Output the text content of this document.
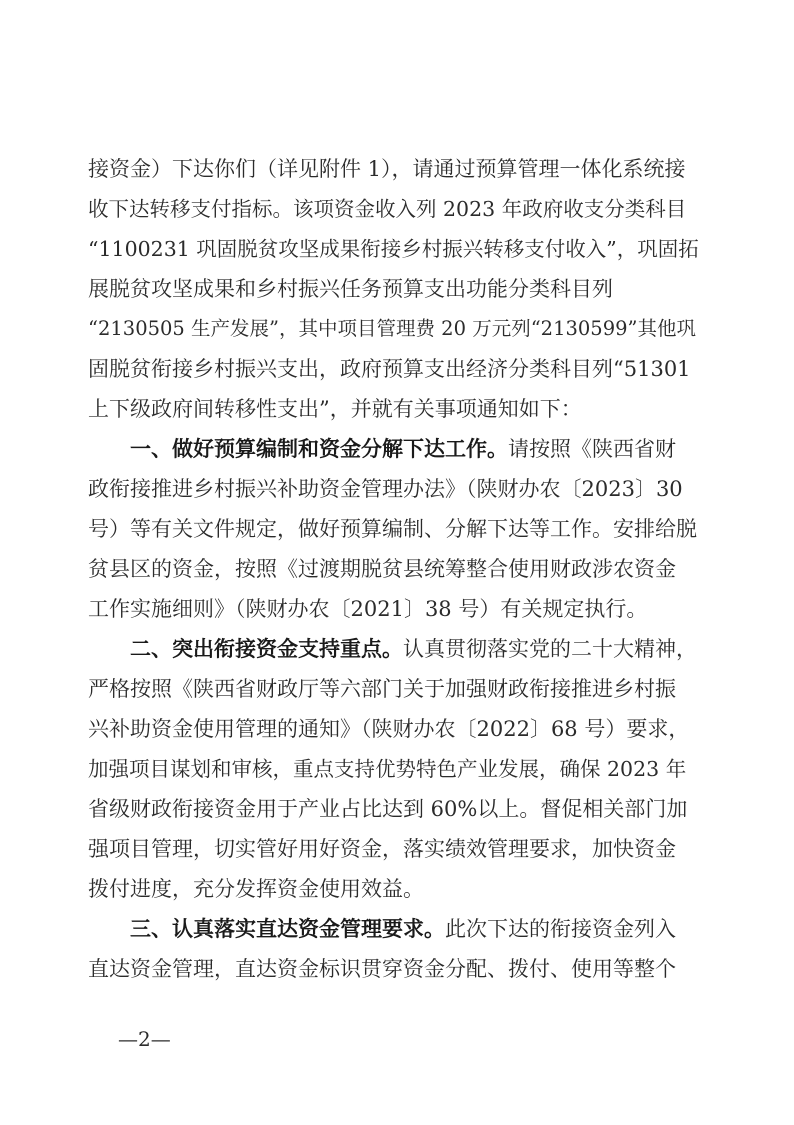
接资金）下达你们（详见附件 1），请通过预算管理一体化系统接
收下达转移支付指标。该项资金收入列 2023 年政府收支分类科目
“1100231 巩固脱贫攻坚成果衔接乡村振兴转移支付收入”，巩固拓
展脱贫攻坚成果和乡村振兴任务预算支出功能分类科目列
“2130505 生产发展”，其中项目管理费 20 万元列“2130599”其他巩
固脱贫衔接乡村振兴支出，政府预算支出经济分类科目列“51301
上下级政府间转移性支出”，并就有关事项通知如下：
一、做好预算编制和资金分解下达工作。请按照《陕西省财
政衔接推进乡村振兴补助资金管理办法》（陕财办农〔2023〕30
号）等有关文件规定，做好预算编制、分解下达等工作。安排给脱
贫县区的资金，按照《过渡期脱贫县统筹整合使用财政涉农资金
工作实施细则》（陕财办农〔2021〕38 号）有关规定执行。
二、突出衔接资金支持重点。认真贯彻落实党的二十大精神，
严格按照《陕西省财政厅等六部门关于加强财政衔接推进乡村振
兴补助资金使用管理的通知》（陕财办农〔2022〕68 号）要求，
加强项目谋划和审核，重点支持优势特色产业发展，确保 2023 年
省级财政衔接资金用于产业占比达到 60%以上。督促相关部门加
强项目管理，切实管好用好资金，落实绩效管理要求，加快资金
拨付进度，充分发挥资金使用效益。
三、认真落实直达资金管理要求。此次下达的衔接资金列入
直达资金管理，直达资金标识贯穿资金分配、拨付、使用等整个
—2—
